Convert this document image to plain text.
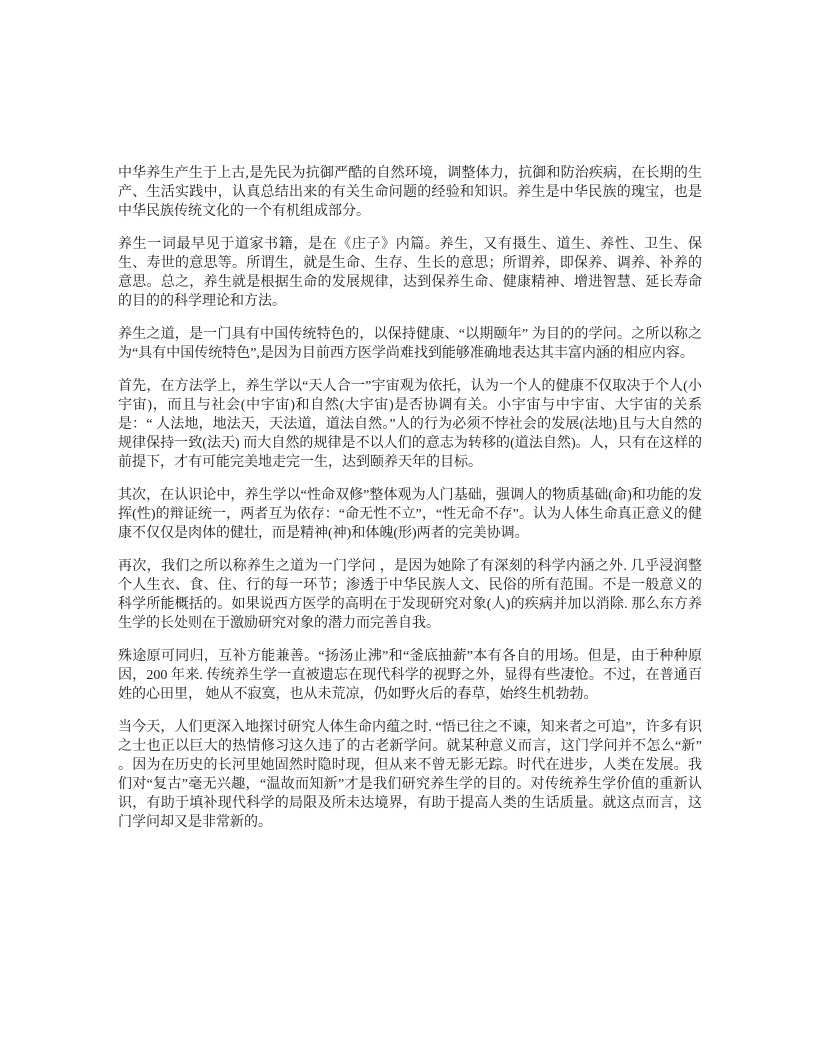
中华养生产生于上古,是先民为抗御严酷的自然环境，调整体力，抗御和防治疾病，在长期的生产、生活实践中，认真总结出来的有关生命问题的经验和知识。养生是中华民族的瑰宝，也是中华民族传统文化的一个有机组成部分。

养生一词最早见于道家书籍，是在《庄子》内篇。养生，又有摄生、道生、养性、卫生、保生、寿世的意思等。所谓生，就是生命、生存、生长的意思；所谓养，即保养、调养、补养的意思。总之，养生就是根据生命的发展规律，达到保养生命、健康精神、增进智慧、延长寿命的目的的科学理论和方法。

养生之道，是一门具有中国传统特色的，以保持健康、“以期颐年” 为目的的学问。之所以称之为“具有中国传统特色”,是因为目前西方医学尚难找到能够准确地表达其丰富内涵的相应内容。

首先，在方法学上，养生学以“天人合一”宇宙观为依托，认为一个人的健康不仅取决于个人(小宇宙)，而且与社会(中宇宙)和自然(大宇宙)是否协调有关。小宇宙与中宇宙、大宇宙的关系是：“ 人法地，地法天，天法道，道法自然。”人的行为必须不悖社会的发展(法地)且与大自然的规律保持一致(法天) 而大自然的规律是不以人们的意志为转移的(道法自然)。人，只有在这样的前提下，才有可能完美地走完一生，达到颐养天年的目标。

其次，在认识论中，养生学以“性命双修”整体观为人门基础，强调人的物质基础(命)和功能的发挥(性)的辩证统一，两者互为依存：“命无性不立”，“性无命不存”。认为人体生命真正意义的健康不仅仅是肉体的健壮，而是精神(神)和体魄(形)两者的完美协调。

再次，我们之所以称养生之道为一门学问 ，是因为她除了有深刻的科学内涵之外. 几乎浸润整个人生衣、食、住、行的每一环节；渗透于中华民族人文、民俗的所有范围。不是一般意义的科学所能概括的。如果说西方医学的高明在于发现研究对象(人)的疾病并加以消除. 那么东方养生学的长处则在于激励研究对象的潜力而完善自我。

殊途原可同归，互补方能兼善。“扬汤止沸”和“釜底抽薪”本有各自的用场。但是，由于种种原因，200 年来. 传统养生学一直被遗忘在现代科学的视野之外，显得有些凄怆。不过，在普通百姓的心田里， 她从不寂寞，也从未荒凉，仍如野火后的春草，始终生机勃勃。

当今天，人们更深入地探讨研究人体生命内蕴之时. “悟已往之不谏，知来者之可追”，许多有识之士也正以巨大的热情修习这久违了的古老新学问。就某种意义而言，这门学问并不怎么“新” 。因为在历史的长河里她固然时隐时现，但从来不曾无影无踪。时代在进步，人类在发展。我们对“复古”毫无兴趣，“温故而知新”才是我们研究养生学的目的。对传统养生学价值的重新认识，有助于填补现代科学的局限及所未达境界，有助于提高人类的生话质量。就这点而言，这门学问却又是非常新的。
